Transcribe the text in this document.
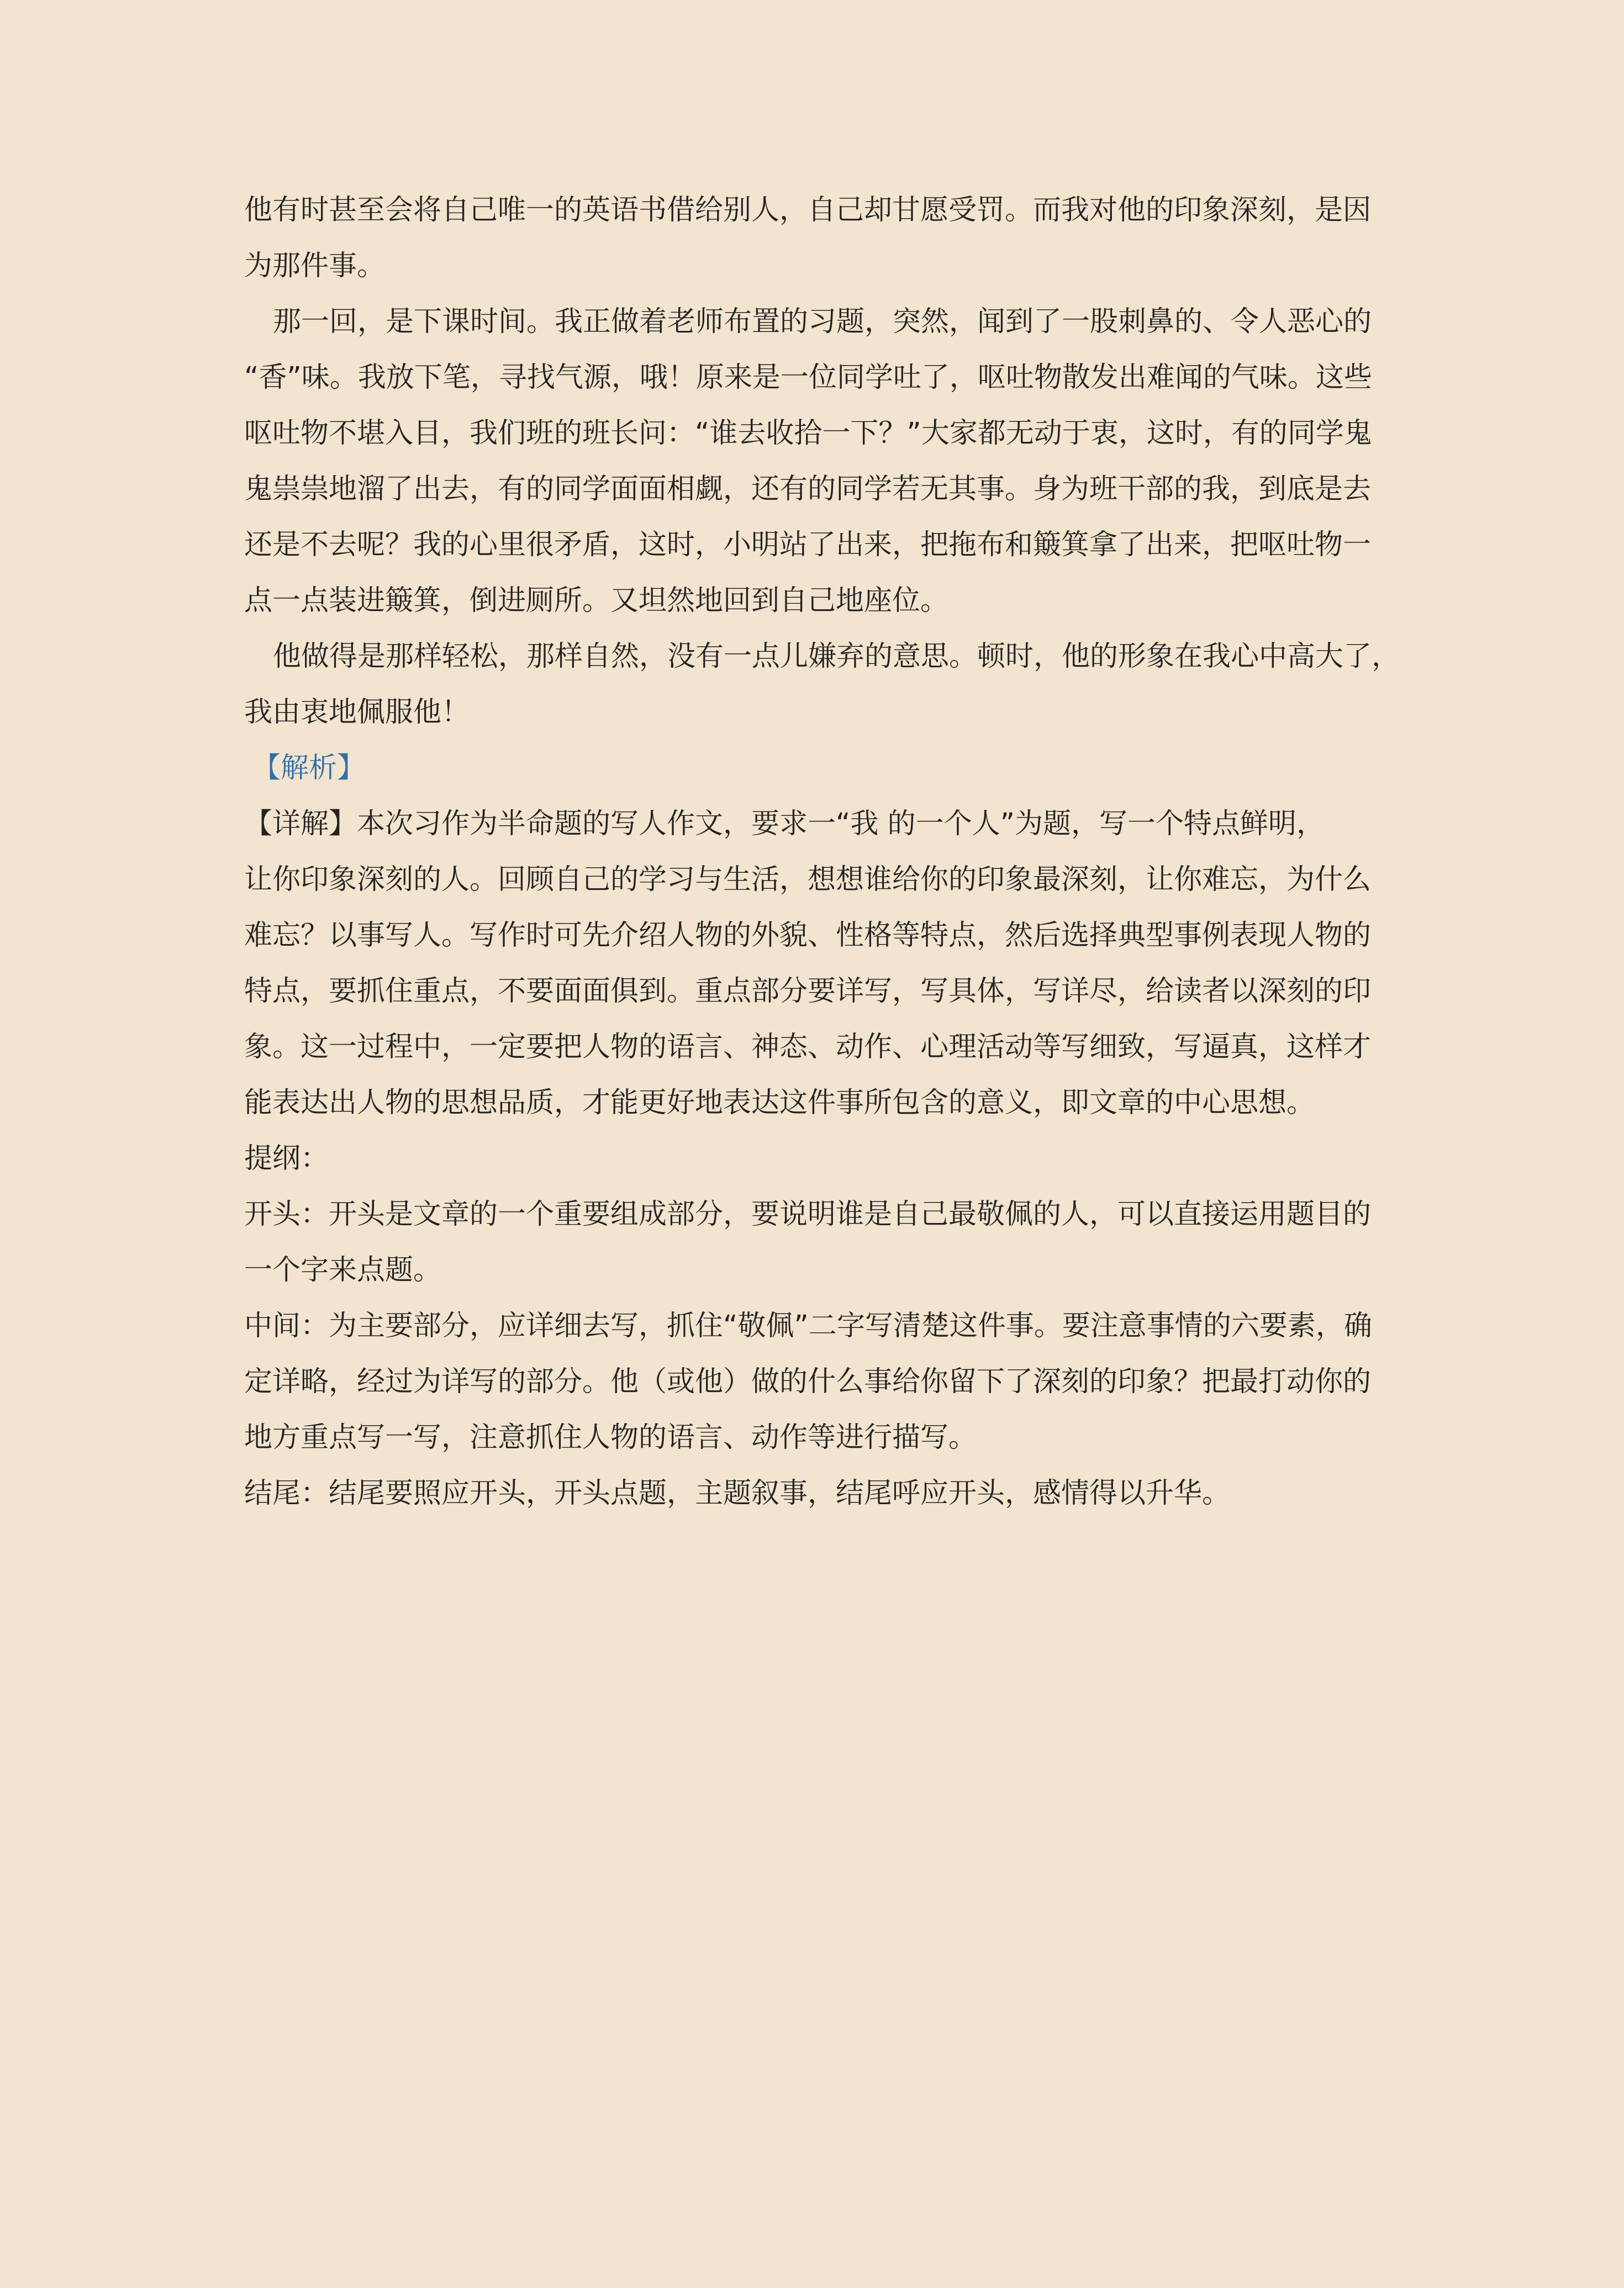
他有时甚至会将自己唯一的英语书借给别人，自己却甘愿受罚。而我对他的印象深刻，是因
为那件事。
那一回，是下课时间。我正做着老师布置的习题，突然，闻到了一股刺鼻的、令人恶心的
“香”味。我放下笔，寻找气源，哦！原来是一位同学吐了，呕吐物散发出难闻的气味。这些
呕吐物不堪入目，我们班的班长问：“谁去收拾一下？”大家都无动于衷，这时，有的同学鬼
鬼祟祟地溜了出去，有的同学面面相觑，还有的同学若无其事。身为班干部的我，到底是去
还是不去呢？我的心里很矛盾，这时，小明站了出来，把拖布和簸箕拿了出来，把呕吐物一
点一点装进簸箕，倒进厕所。又坦然地回到自己地座位。
他做得是那样轻松，那样自然，没有一点儿嫌弃的意思。顿时，他的形象在我心中高大了，
我由衷地佩服他！
【解析】
【详解】本次习作为半命题的写人作文，要求一“我 的一个人”为题，写一个特点鲜明，
让你印象深刻的人。回顾自己的学习与生活，想想谁给你的印象最深刻，让你难忘，为什么
难忘？以事写人。写作时可先介绍人物的外貌、性格等特点，然后选择典型事例表现人物的
特点，要抓住重点，不要面面俱到。重点部分要详写，写具体，写详尽，给读者以深刻的印
象。这一过程中，一定要把人物的语言、神态、动作、心理活动等写细致，写逼真，这样才
能表达出人物的思想品质，才能更好地表达这件事所包含的意义，即文章的中心思想。
提纲：
开头：开头是文章的一个重要组成部分，要说明谁是自己最敬佩的人，可以直接运用题目的
一个字来点题。
中间：为主要部分，应详细去写，抓住“敬佩”二字写清楚这件事。要注意事情的六要素，确
定详略，经过为详写的部分。他（或他）做的什么事给你留下了深刻的印象？把最打动你的
地方重点写一写，注意抓住人物的语言、动作等进行描写。
结尾：结尾要照应开头，开头点题，主题叙事，结尾呼应开头，感情得以升华。
